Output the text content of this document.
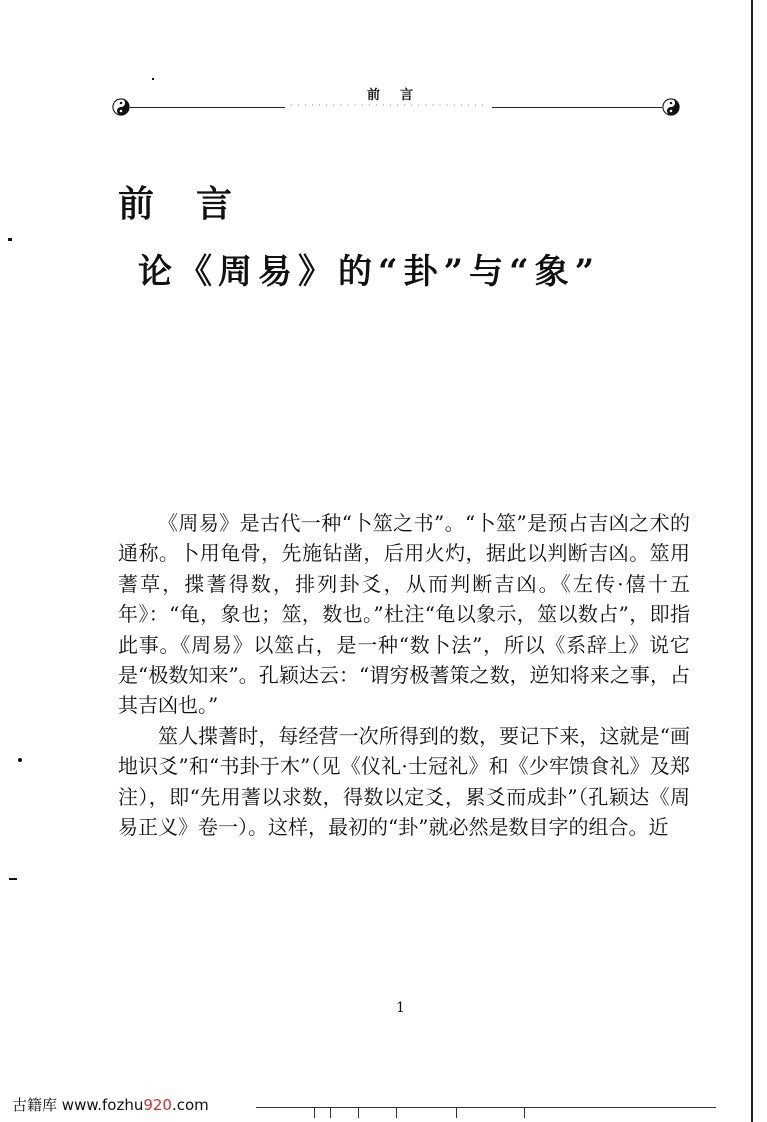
前言
· · · · · · · · · · · · · · · · · · · · · · · · · · · ·
前言
论《周易》的“卦”与“象”

《周易》是古代一种“卜筮之书”。“卜筮”是预占吉凶之术的通称。卜用龟骨，先施钻凿，后用火灼，据此以判断吉凶。筮用蓍草，揲蓍得数，排列卦爻，从而判断吉凶。《左传·僖十五年》：“龟，象也；筮，数也。”杜注“龟以象示，筮以数占”，即指此事。《周易》以筮占，是一种“数卜法”，所以《系辞上》说它是“极数知来”。孔颖达云：“谓穷极蓍策之数，逆知将来之事，占其吉凶也。”

筮人揲蓍时，每经营一次所得到的数，要记下来，这就是“画地识爻”和“书卦于木”（见《仪礼·士冠礼》和《少牢馈食礼》及郑注），即“先用蓍以求数，得数以定爻，累爻而成卦”（孔颖达《周易正义》卷一）。这样，最初的“卦”就必然是数目字的组合。近

1
古籍库 www.fozhu920.com
